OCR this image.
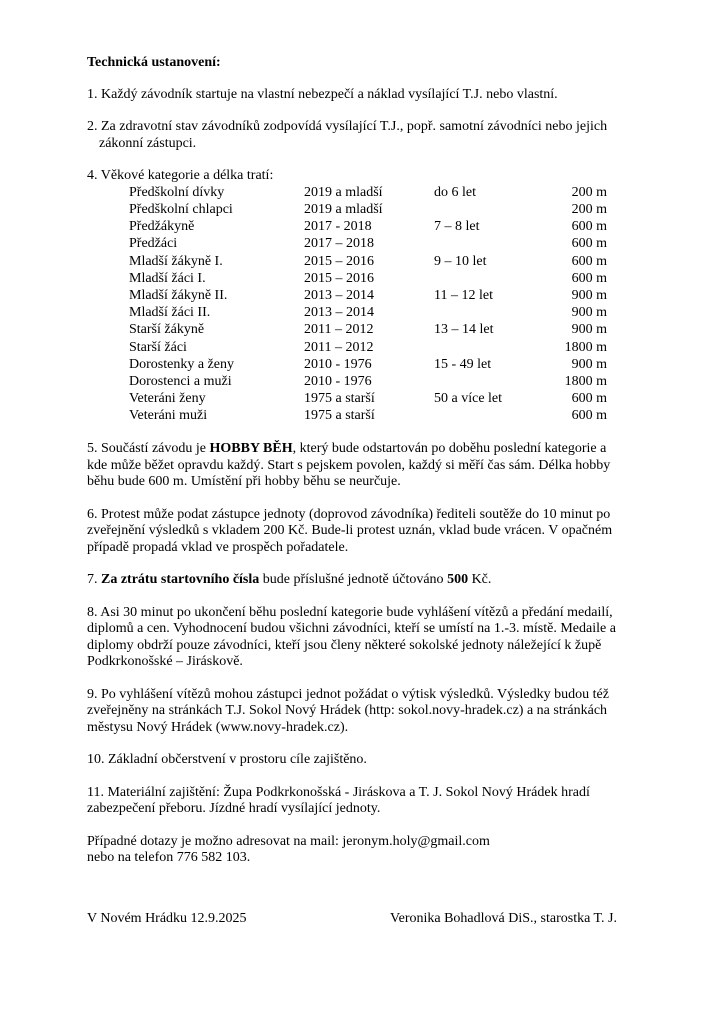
Technická ustanovení:

1. Každý závodník startuje na vlastní nebezpečí a náklad vysílající T.J. nebo vlastní.

2. Za zdravotní stav závodníků zodpovídá vysílající T.J., popř. samotní závodníci nebo jejich
zákonní zástupci.

4. Věkové kategorie a délka tratí:
Předškolní dívky	2019 a mladší	do 6 let	200 m
Předškolní chlapci	2019 a mladší		200 m
Předžákyně	2017 - 2018	7 – 8 let	600 m
Předžáci	2017 – 2018		600 m
Mladší žákyně I.	2015 – 2016	9 – 10 let	600 m
Mladší žáci I.	2015 – 2016		600 m
Mladší žákyně II.	2013 – 2014	11 – 12 let	900 m
Mladší žáci II.	2013 – 2014		900 m
Starší žákyně	2011 – 2012	13 – 14 let	900 m
Starší žáci	2011 – 2012		1800 m
Dorostenky a ženy	2010 - 1976	15 - 49 let	900 m
Dorostenci a muži	2010 - 1976		1800 m
Veteráni ženy	1975 a starší	50 a více let	600 m
Veteráni muži	1975 a starší		600 m

5. Součástí závodu je HOBBY BĚH, který bude odstartován po doběhu poslední kategorie a kde může běžet opravdu každý. Start s pejskem povolen, každý si měří čas sám. Délka hobby běhu bude 600 m. Umístění při hobby běhu se neurčuje.

6. Protest může podat zástupce jednoty (doprovod závodníka) řediteli soutěže do 10 minut po zveřejnění výsledků s vkladem 200 Kč. Bude-li protest uznán, vklad bude vrácen. V opačném případě propadá vklad ve prospěch pořadatele.

7. Za ztrátu startovního čísla bude příslušné jednotě účtováno 500 Kč.

8. Asi 30 minut po ukončení běhu poslední kategorie bude vyhlášení vítězů a předání medailí, diplomů a cen. Vyhodnocení budou všichni závodníci, kteří se umístí na 1.-3. místě. Medaile a diplomy obdrží pouze závodníci, kteří jsou členy některé sokolské jednoty náležející k župě Podkrkonošské – Jiráskově.

9. Po vyhlášení vítězů mohou zástupci jednot požádat o výtisk výsledků. Výsledky budou též zveřejněny na stránkách T.J. Sokol Nový Hrádek (http: sokol.novy-hradek.cz) a na stránkách městysu Nový Hrádek (www.novy-hradek.cz).

10. Základní občerstvení v prostoru cíle zajištěno.

11. Materiální zajištění: Župa Podkrkonošská - Jiráskova a T. J. Sokol Nový Hrádek hradí zabezpečení přeboru. Jízdné hradí vysílající jednoty.

Případné dotazy je možno adresovat na mail: jeronym.holy@gmail.com
nebo na telefon 776 582 103.

V Novém Hrádku 12.9.2025	Veronika Bohadlová DiS., starostka T. J.
